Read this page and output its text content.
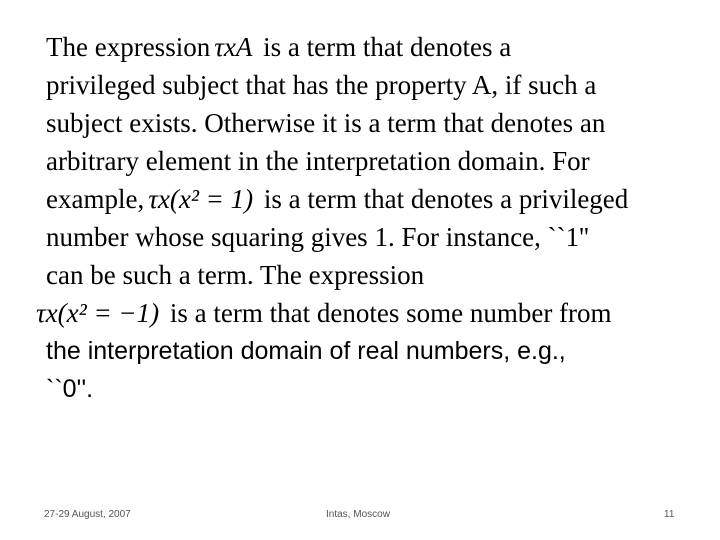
The expression τxA is a term that denotes a
privileged subject that has the property A, if such a
subject exists. Otherwise it is a term that denotes an
arbitrary element in the interpretation domain. For
example, τx(x² = 1) is a term that denotes a privileged
number whose squaring gives 1. For instance, ``1''
can be such a term. The expression
τx(x² = −1) is a term that denotes some number from
the interpretation domain of real numbers, e.g.,
``0''.
27-29 August, 2007	Intas, Moscow	11
